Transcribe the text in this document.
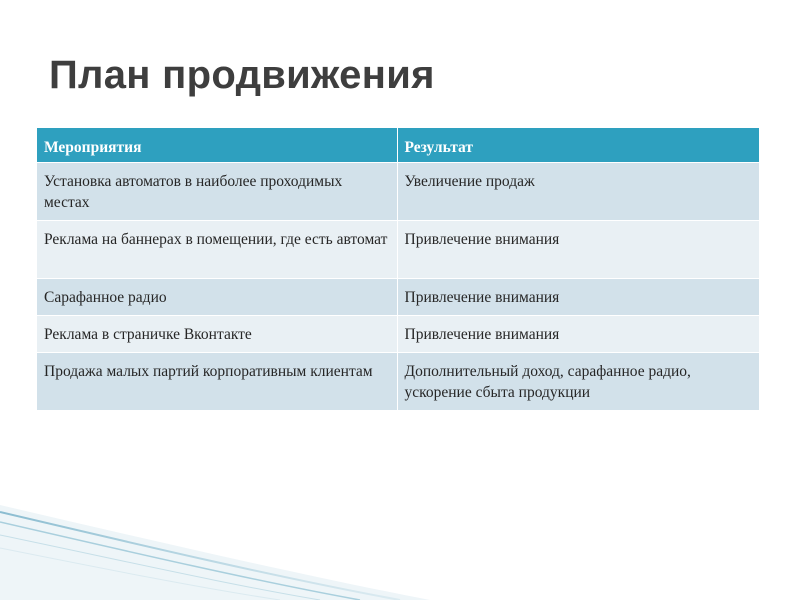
План продвижения
Мероприятия	Результат
Установка автоматов в наиболее проходимых местах	Увеличение продаж
Реклама на баннерах в помещении, где есть автомат	Привлечение внимания
Сарафанное радио	Привлечение внимания
Реклама в страничке Вконтакте	Привлечение внимания
Продажа малых партий корпоративным клиентам	Дополнительный доход, сарафанное радио, ускорение сбыта продукции
